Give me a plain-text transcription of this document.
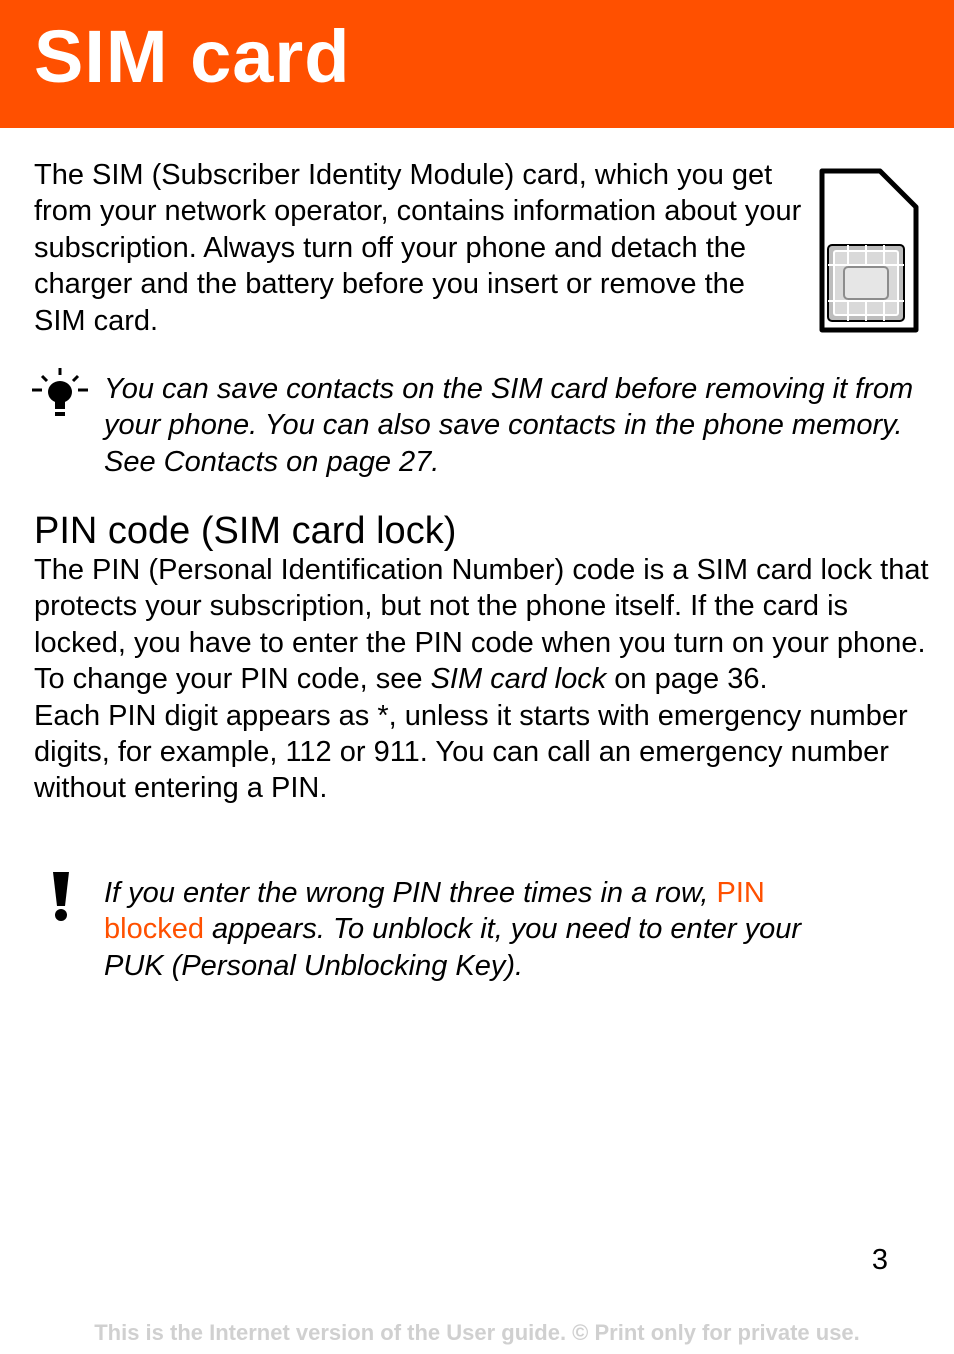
SIM card

The SIM (Subscriber Identity Module) card, which you get from your network operator, contains information about your subscription. Always turn off your phone and detach the charger and the battery before you insert or remove the SIM card.

You can save contacts on the SIM card before removing it from your phone. You can also save contacts in the phone memory. See Contacts on page 27.

PIN code (SIM card lock)
The PIN (Personal Identification Number) code is a SIM card lock that protects your subscription, but not the phone itself. If the card is locked, you have to enter the PIN code when you turn on your phone. To change your PIN code, see SIM card lock on page 36.
Each PIN digit appears as *, unless it starts with emergency number digits, for example, 112 or 911. You can call an emergency number without entering a PIN.

If you enter the wrong PIN three times in a row, PIN blocked appears. To unblock it, you need to enter your PUK (Personal Unblocking Key).

3
This is the Internet version of the User guide. © Print only for private use.
